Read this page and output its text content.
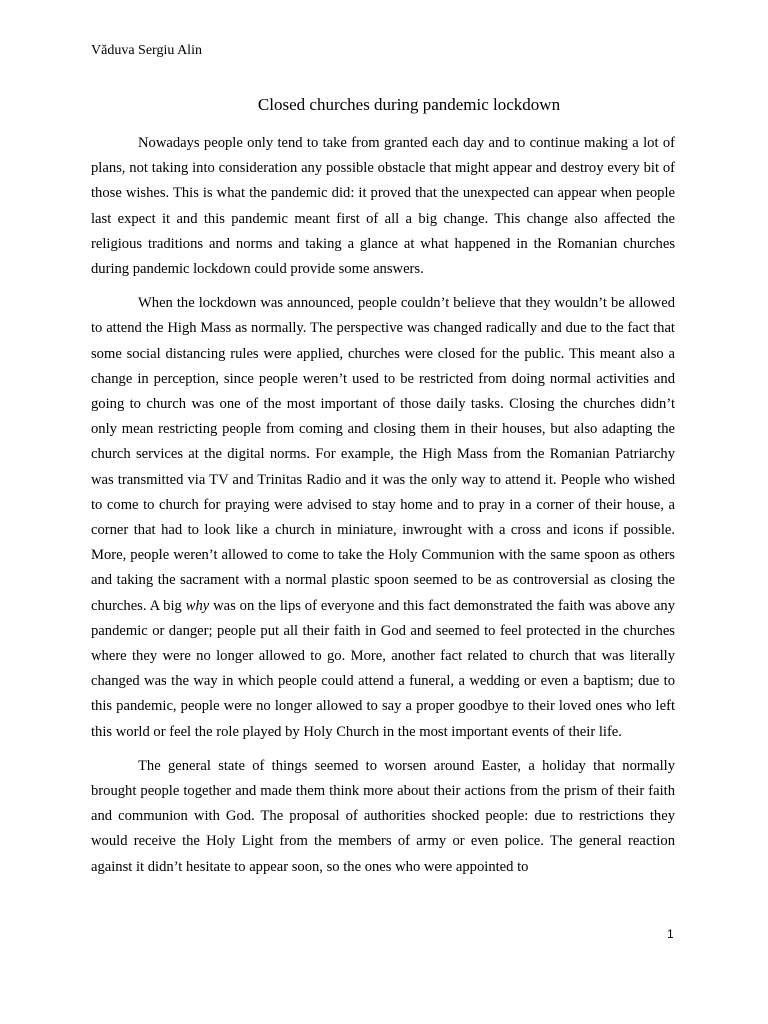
Văduva Sergiu Alin
Closed churches during pandemic lockdown

Nowadays people only tend to take from granted each day and to continue making a lot of plans, not taking into consideration any possible obstacle that might appear and destroy every bit of those wishes. This is what the pandemic did: it proved that the unexpected can appear when people last expect it and this pandemic meant first of all a big change. This change also affected the religious traditions and norms and taking a glance at what happened in the Romanian churches during pandemic lockdown could provide some answers.

When the lockdown was announced, people couldn’t believe that they wouldn’t be allowed to attend the High Mass as normally. The perspective was changed radically and due to the fact that some social distancing rules were applied, churches were closed for the public. This meant also a change in perception, since people weren’t used to be restricted from doing normal activities and going to church was one of the most important of those daily tasks. Closing the churches didn’t only mean restricting people from coming and closing them in their houses, but also adapting the church services at the digital norms. For example, the High Mass from the Romanian Patriarchy was transmitted via TV and Trinitas Radio and it was the only way to attend it. People who wished to come to church for praying were advised to stay home and to pray in a corner of their house, a corner that had to look like a church in miniature, inwrought with a cross and icons if possible. More, people weren’t allowed to come to take the Holy Communion with the same spoon as others and taking the sacrament with a normal plastic spoon seemed to be as controversial as closing the churches. A big why was on the lips of everyone and this fact demonstrated the faith was above any pandemic or danger; people put all their faith in God and seemed to feel protected in the churches where they were no longer allowed to go. More, another fact related to church that was literally changed was the way in which people could attend a funeral, a wedding or even a baptism; due to this pandemic, people were no longer allowed to say a proper goodbye to their loved ones who left this world or feel the role played by Holy Church in the most important events of their life.

The general state of things seemed to worsen around Easter, a holiday that normally brought people together and made them think more about their actions from the prism of their faith and communion with God. The proposal of authorities shocked people: due to restrictions they would receive the Holy Light from the members of army or even police. The general reaction against it didn’t hesitate to appear soon, so the ones who were appointed to

1
